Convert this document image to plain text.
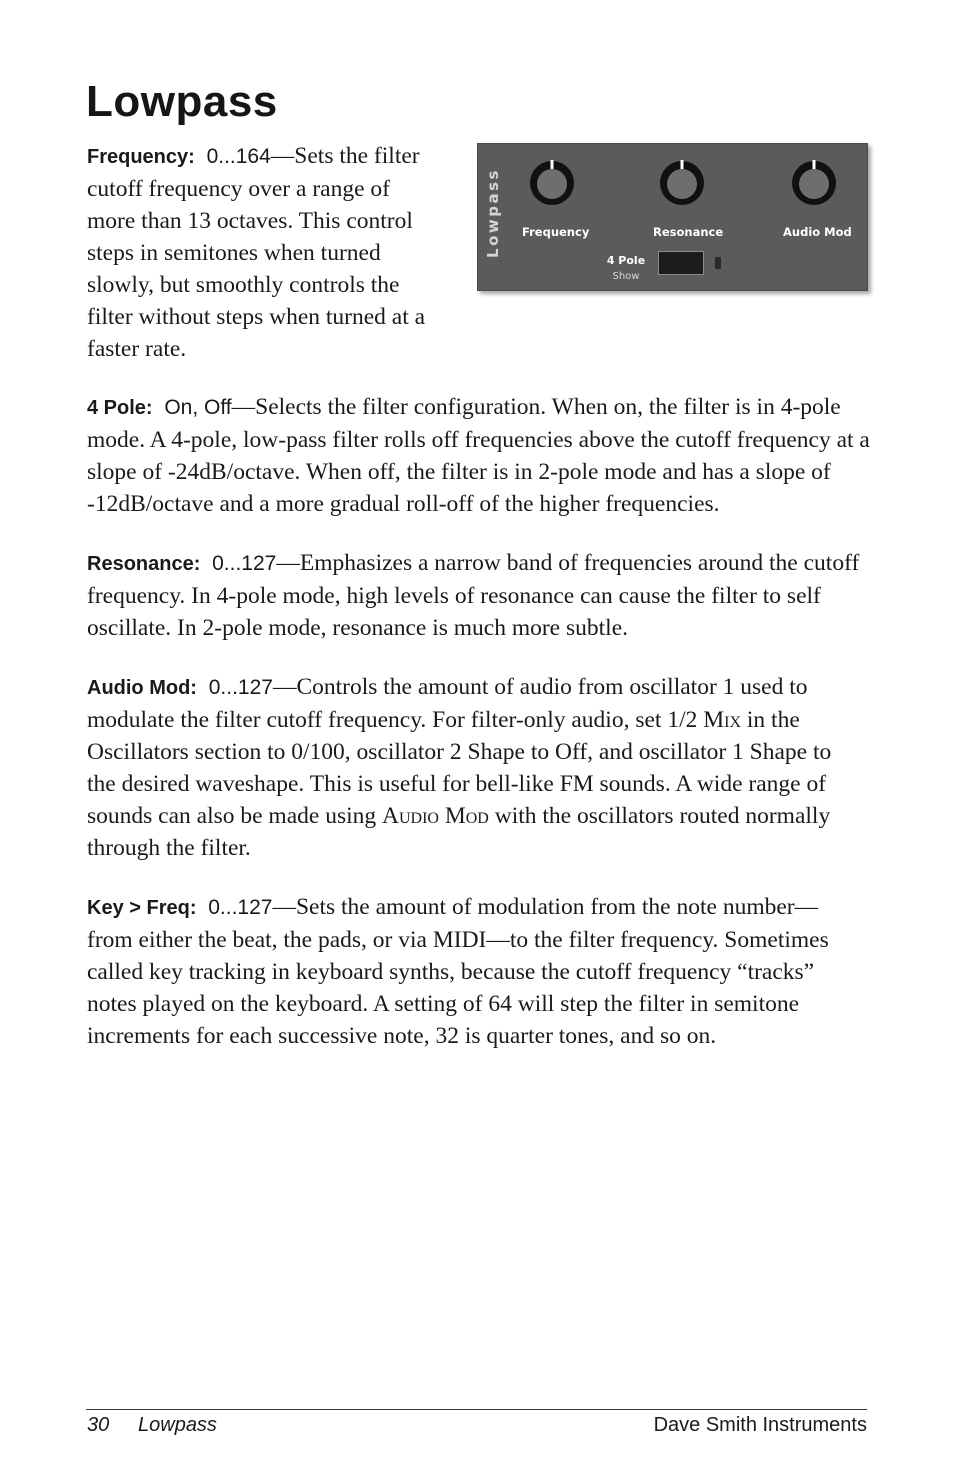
Lowpass

Frequency: 0...164—Sets the filter cutoff frequency over a range of more than 13 octaves. This control steps in semitones when turned slowly, but smoothly controls the filter without steps when turned at a faster rate.

Lowpass Frequency	Resonance	Audio Mod
4 Pole
Show

4 Pole: On, Off—Selects the filter configuration. When on, the filter is in 4-pole mode. A 4-pole, low-pass filter rolls off frequencies above the cutoff frequency at a slope of -24dB/octave. When off, the filter is in 2-pole mode and has a slope of -12dB/octave and a more gradual roll-off of the higher frequencies.

Resonance: 0...127—Emphasizes a narrow band of frequencies around the cutoff frequency. In 4-pole mode, high levels of resonance can cause the filter to self oscillate. In 2-pole mode, resonance is much more subtle.

Audio Mod: 0...127—Controls the amount of audio from oscillator 1 used to modulate the filter cutoff frequency. For filter-only audio, set 1/2 Mix in the Oscillators section to 0/100, oscillator 2 Shape to Off, and oscillator 1 Shape to the desired waveshape. This is useful for bell-like FM sounds. A wide range of sounds can also be made using Audio Mod with the oscillators routed normally through the filter.

Key > Freq: 0...127—Sets the amount of modulation from the note number—from either the beat, the pads, or via MIDI—to the filter frequency. Sometimes called key tracking in keyboard synths, because the cutoff frequency “tracks” notes played on the keyboard. A setting of 64 will step the filter in semitone increments for each successive note, 32 is quarter tones, and so on.

30 Lowpass	Dave Smith Instruments
